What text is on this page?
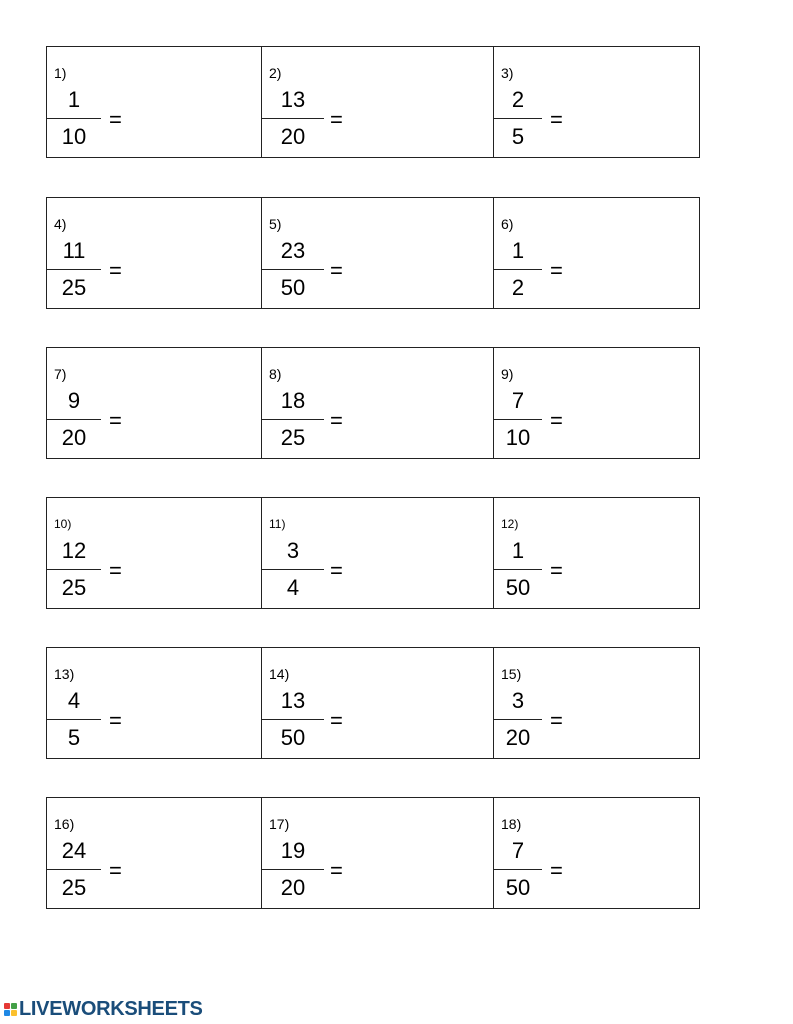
1)
1
10
=
2)
13
20
=
3)
2
5
=
4)
11
25
=
5)
23
50
=
6)
1
2
=
7)
9
20
=
8)
18
25
=
9)
7
10
=
10)
12
25
=
11)
3
4
=
12)
1
50
=
13)
4
5
=
14)
13
50
=
15)
3
20
=
16)
24
25
=
17)
19
20
=
18)
7
50
=
LIVEWORKSHEETS
